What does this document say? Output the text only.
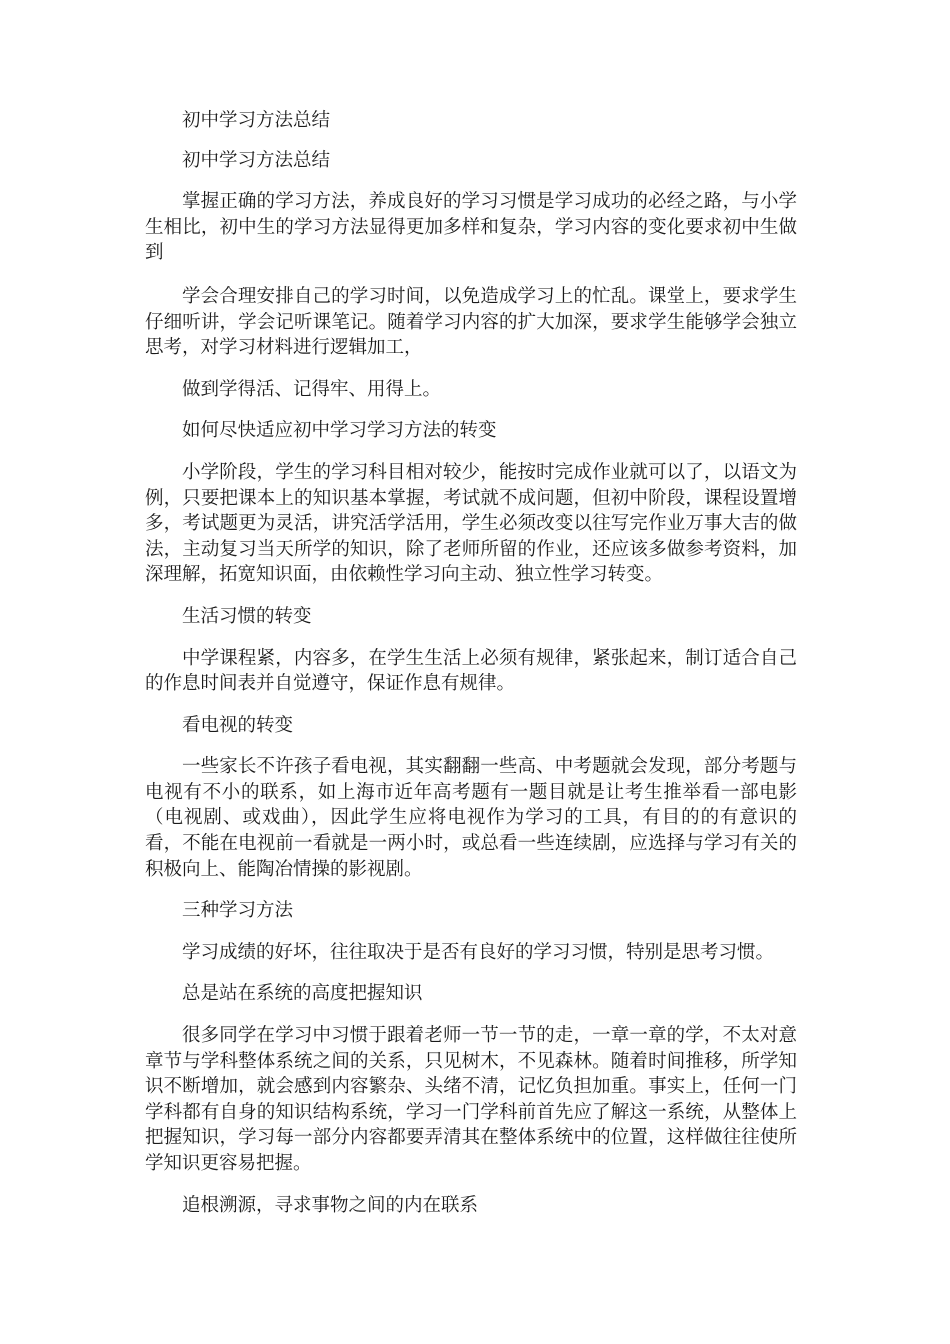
初中学习方法总结

初中学习方法总结

掌握正确的学习方法，养成良好的学习习惯是学习成功的必经之路，与小学生相比，初中生的学习方法显得更加多样和复杂，学习内容的变化要求初中生做到

学会合理安排自己的学习时间，以免造成学习上的忙乱。课堂上，要求学生仔细听讲，学会记听课笔记。随着学习内容的扩大加深，要求学生能够学会独立思考，对学习材料进行逻辑加工，

做到学得活、记得牢、用得上。

如何尽快适应初中学习学习方法的转变

小学阶段，学生的学习科目相对较少，能按时完成作业就可以了，以语文为例，只要把课本上的知识基本掌握，考试就不成问题，但初中阶段，课程设置增多，考试题更为灵活，讲究活学活用，学生必须改变以往写完作业万事大吉的做法，主动复习当天所学的知识，除了老师所留的作业，还应该多做参考资料，加深理解，拓宽知识面，由依赖性学习向主动、独立性学习转变。

生活习惯的转变

中学课程紧，内容多，在学生生活上必须有规律，紧张起来，制订适合自己的作息时间表并自觉遵守，保证作息有规律。

看电视的转变

一些家长不许孩子看电视，其实翻翻一些高、中考题就会发现，部分考题与电视有不小的联系，如上海市近年高考题有一题目就是让考生推举看一部电影（电视剧、或戏曲），因此学生应将电视作为学习的工具，有目的的有意识的看，不能在电视前一看就是一两小时，或总看一些连续剧，应选择与学习有关的积极向上、能陶冶情操的影视剧。

三种学习方法

学习成绩的好坏，往往取决于是否有良好的学习习惯，特别是思考习惯。

总是站在系统的高度把握知识

很多同学在学习中习惯于跟着老师一节一节的走，一章一章的学，不太对意章节与学科整体系统之间的关系，只见树木，不见森林。随着时间推移，所学知识不断增加，就会感到内容繁杂、头绪不清，记忆负担加重。事实上，任何一门学科都有自身的知识结构系统，学习一门学科前首先应了解这一系统，从整体上把握知识，学习每一部分内容都要弄清其在整体系统中的位置，这样做往往使所学知识更容易把握。

追根溯源，寻求事物之间的内在联系
